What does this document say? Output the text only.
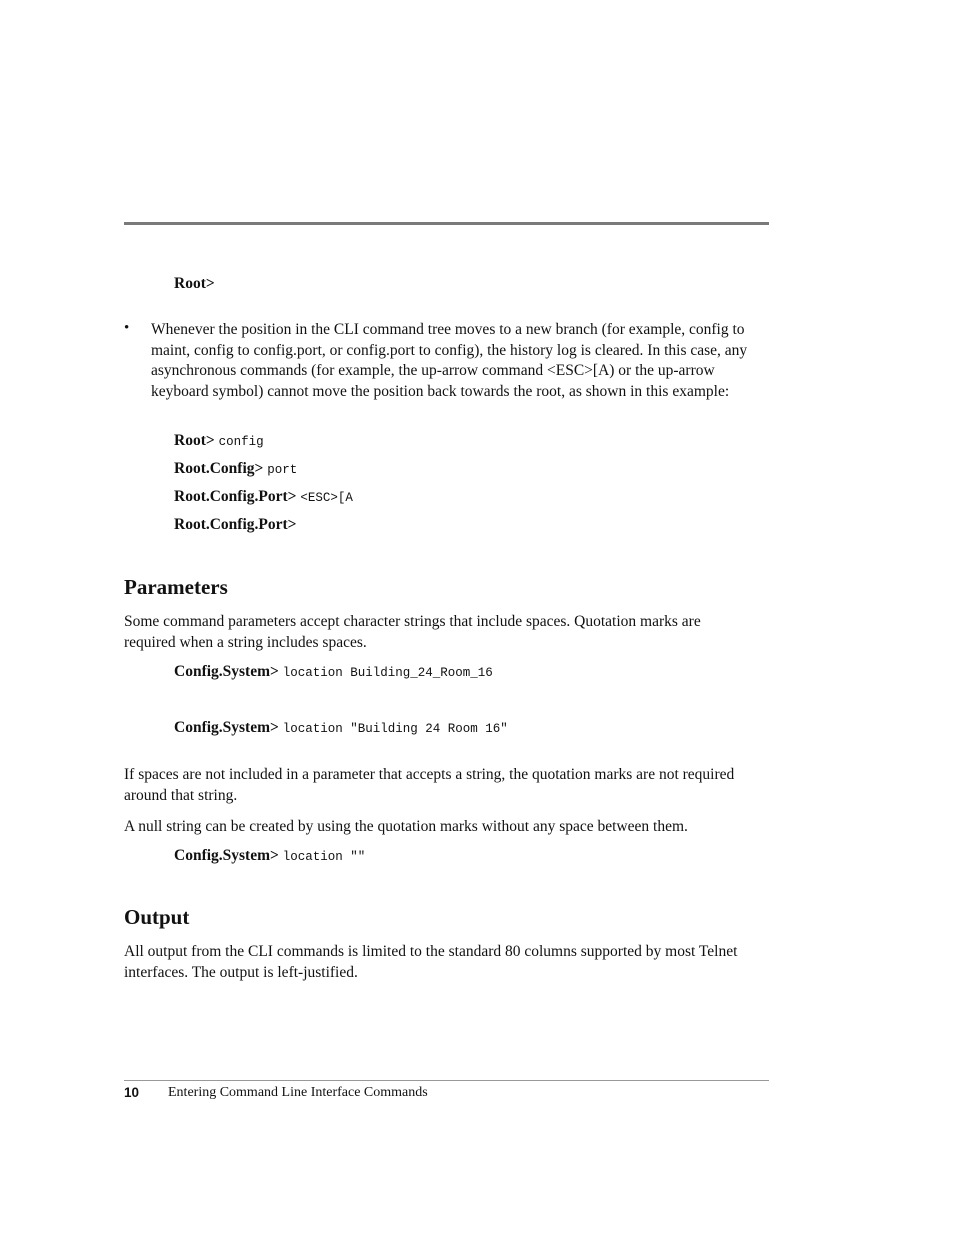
Root>
• Whenever the position in the CLI command tree moves to a new branch (for example, config to maint, config to config.port, or config.port to config), the history log is cleared. In this case, any asynchronous commands (for example, the up-arrow command <ESC>[A) or the up-arrow keyboard symbol) cannot move the position back towards the root, as shown in this example:
Root> config
Root.Config> port
Root.Config.Port> <ESC>[A
Root.Config.Port>
Parameters
Some command parameters accept character strings that include spaces. Quotation marks are required when a string includes spaces.
Config.System> location Building_24_Room_16
Config.System> location "Building 24 Room 16"
If spaces are not included in a parameter that accepts a string, the quotation marks are not required around that string.
A null string can be created by using the quotation marks without any space between them.
Config.System> location ""
Output
All output from the CLI commands is limited to the standard 80 columns supported by most Telnet interfaces. The output is left-justified.
10 Entering Command Line Interface Commands
